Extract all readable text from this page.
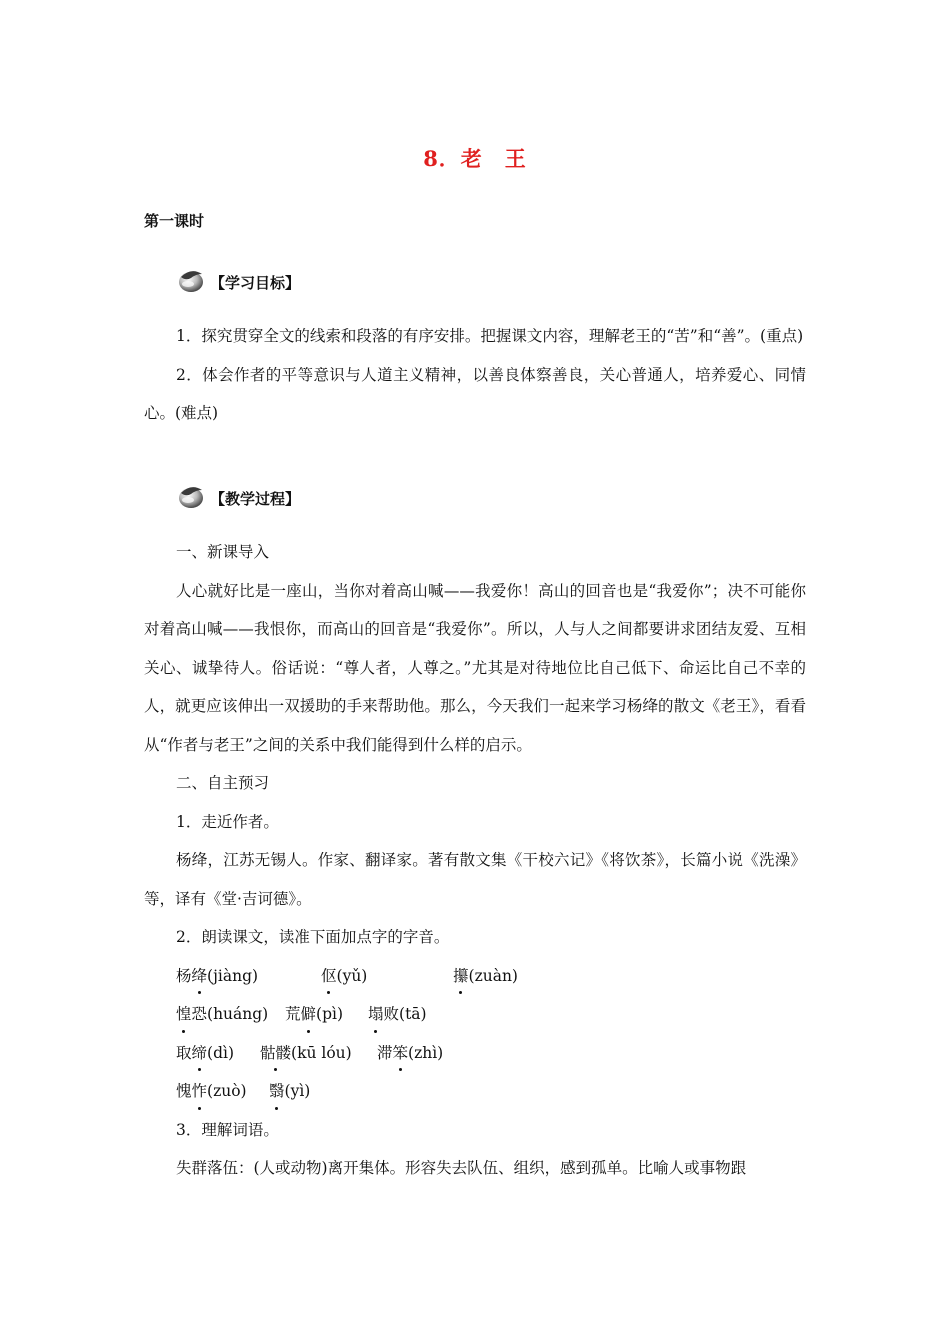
8．老　王
第一课时
【学习目标】

1．探究贯穿全文的线索和段落的有序安排。把握课文内容，理解老王的“苦”和“善”。(重点)

2．体会作者的平等意识与人道主义精神，以善良体察善良，关心普通人，培养爱心、同情心。(难点)

【教学过程】

一、新课导入

人心就好比是一座山，当你对着高山喊——我爱你！高山的回音也是“我爱你”；决不可能你对着高山喊——我恨你，而高山的回音是“我爱你”。所以，人与人之间都要讲求团结友爱、互相关心、诚挚待人。俗话说：“尊人者，人尊之。”尤其是对待地位比自己低下、命运比自己不幸的人，就更应该伸出一双援助的手来帮助他。那么，今天我们一起来学习杨绛的散文《老王》，看看从“作者与老王”之间的关系中我们能得到什么样的启示。

二、自主预习

1．走近作者。

杨绛，江苏无锡人。作家、翻译家。著有散文集《干校六记》《将饮茶》，长篇小说《洗澡》等，译有《堂·吉诃德》。

2．朗读课文，读准下面加点字的字音。

杨绛(jiàng)	伛(yǔ)	攥(zuàn)

惶恐(huáng) 荒僻(pì) 塌败(tā)

取缔(dì) 骷髅(kū lóu) 滞笨(zhì)

愧怍(zuò) 翳(yì)

3．理解词语。

失群落伍：(人或动物)离开集体。形容失去队伍、组织，感到孤单。比喻人或事物跟
